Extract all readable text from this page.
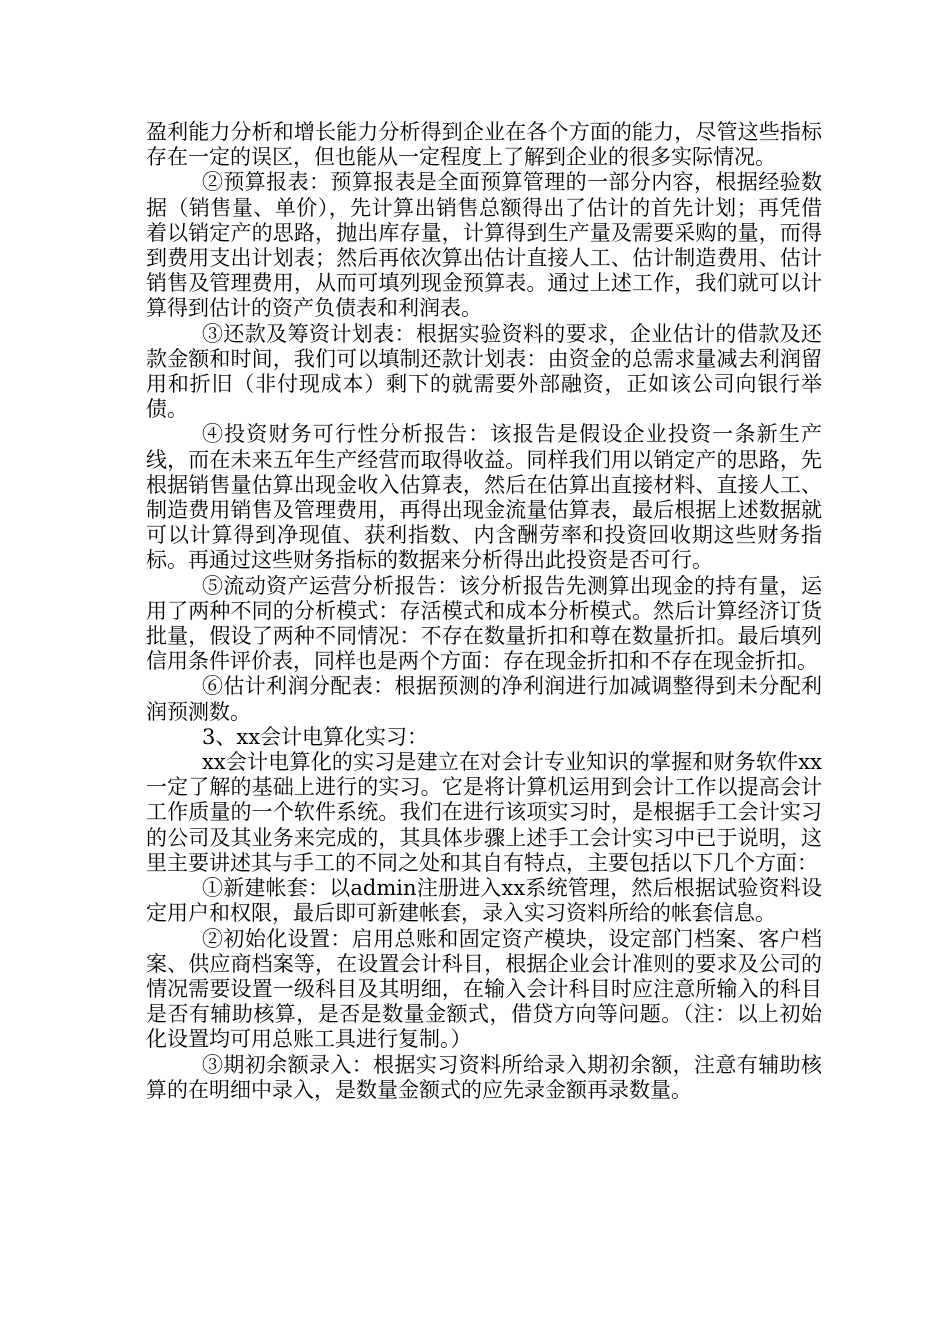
盈利能力分析和增长能力分析得到企业在各个方面的能力，尽管这些指标存在一定的误区，但也能从一定程度上了解到企业的很多实际情况。

②预算报表：预算报表是全面预算管理的一部分内容，根据经验数据（销售量、单价），先计算出销售总额得出了估计的首先计划；再凭借着以销定产的思路，抛出库存量，计算得到生产量及需要采购的量，而得到费用支出计划表；然后再依次算出估计直接人工、估计制造费用、估计销售及管理费用，从而可填列现金预算表。通过上述工作，我们就可以计算得到估计的资产负债表和利润表。

③还款及筹资计划表：根据实验资料的要求，企业估计的借款及还款金额和时间，我们可以填制还款计划表：由资金的总需求量减去利润留用和折旧（非付现成本）剩下的就需要外部融资，正如该公司向银行举债。

④投资财务可行性分析报告：该报告是假设企业投资一条新生产线，而在未来五年生产经营而取得收益。同样我们用以销定产的思路，先根据销售量估算出现金收入估算表，然后在估算出直接材料、直接人工、制造费用销售及管理费用，再得出现金流量估算表，最后根据上述数据就可以计算得到净现值、获利指数、内含酬劳率和投资回收期这些财务指标。再通过这些财务指标的数据来分析得出此投资是否可行。

⑤流动资产运营分析报告：该分析报告先测算出现金的持有量，运用了两种不同的分析模式：存活模式和成本分析模式。然后计算经济订货批量，假设了两种不同情况：不存在数量折扣和尊在数量折扣。最后填列信用条件评价表，同样也是两个方面：存在现金折扣和不存在现金折扣。

⑥估计利润分配表：根据预测的净利润进行加减调整得到未分配利润预测数。

3、xx会计电算化实习：

xx会计电算化的实习是建立在对会计专业知识的掌握和财务软件xx一定了解的基础上进行的实习。它是将计算机运用到会计工作以提高会计工作质量的一个软件系统。我们在进行该项实习时，是根据手工会计实习的公司及其业务来完成的，其具体步骤上述手工会计实习中已于说明，这里主要讲述其与手工的不同之处和其自有特点，主要包括以下几个方面：

①新建帐套：以admin注册进入xx系统管理，然后根据试验资料设定用户和权限，最后即可新建帐套，录入实习资料所给的帐套信息。

②初始化设置：启用总账和固定资产模块，设定部门档案、客户档案、供应商档案等，在设置会计科目，根据企业会计准则的要求及公司的情况需要设置一级科目及其明细，在输入会计科目时应注意所输入的科目是否有辅助核算，是否是数量金额式，借贷方向等问题。（注：以上初始化设置均可用总账工具进行复制。）

③期初余额录入：根据实习资料所给录入期初余额，注意有辅助核算的在明细中录入，是数量金额式的应先录金额再录数量。
